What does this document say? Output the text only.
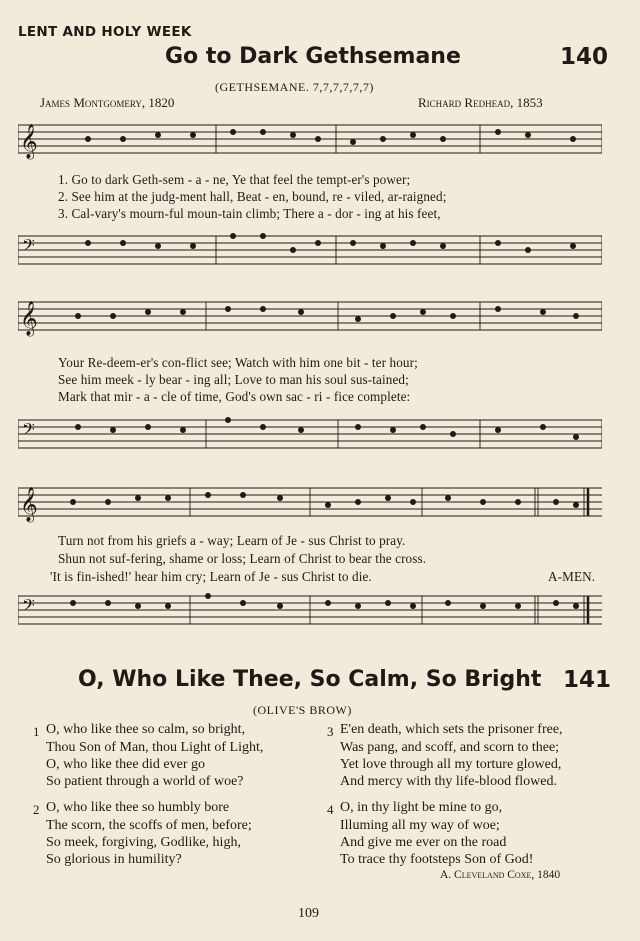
LENT AND HOLY WEEK
Go to Dark Gethsemane	140
(GETHSEMANE. 7,7,7,7,7,7)
James Montgomery, 1820	Richard Redhead, 1853
𝄞
1. Go to dark Geth-sem - a - ne, Ye that feel the tempt-er's power;
2. See him at the judg-ment hall, Beat - en, bound, re - viled, ar-raigned;
3. Cal-vary's mourn-ful moun-tain climb; There a - dor - ing at his feet,
𝄢
𝄞
Your Re-deem-er's con-flict see; Watch with him one bit - ter hour;
See him meek - ly bear - ing all; Love to man his soul sus-tained;
Mark that mir - a - cle of time, God's own sac - ri - fice complete:
𝄢
𝄞
Turn not from his griefs a - way; Learn of Je - sus Christ to pray.
Shun not suf-fering, shame or loss; Learn of Christ to bear the cross.
'It is fin-ished!' hear him cry; Learn of Je - sus Christ to die.	A-MEN.
𝄢
O, Who Like Thee, So Calm, So Bright 141
(OLIVE'S BROW)
1 O, who like thee so calm, so bright,
Thou Son of Man, thou Light of Light,
O, who like thee did ever go
So patient through a world of woe?
2 O, who like thee so humbly bore
The scorn, the scoffs of men, before;
So meek, forgiving, Godlike, high,
So glorious in humility?
3 E'en death, which sets the prisoner free,
Was pang, and scoff, and scorn to thee;
Yet love through all my torture glowed,
And mercy with thy life-blood flowed.
4 O, in thy light be mine to go,
Illuming all my way of woe;
And give me ever on the road
To trace thy footsteps Son of God!
A. Cleveland Coxe, 1840
109
